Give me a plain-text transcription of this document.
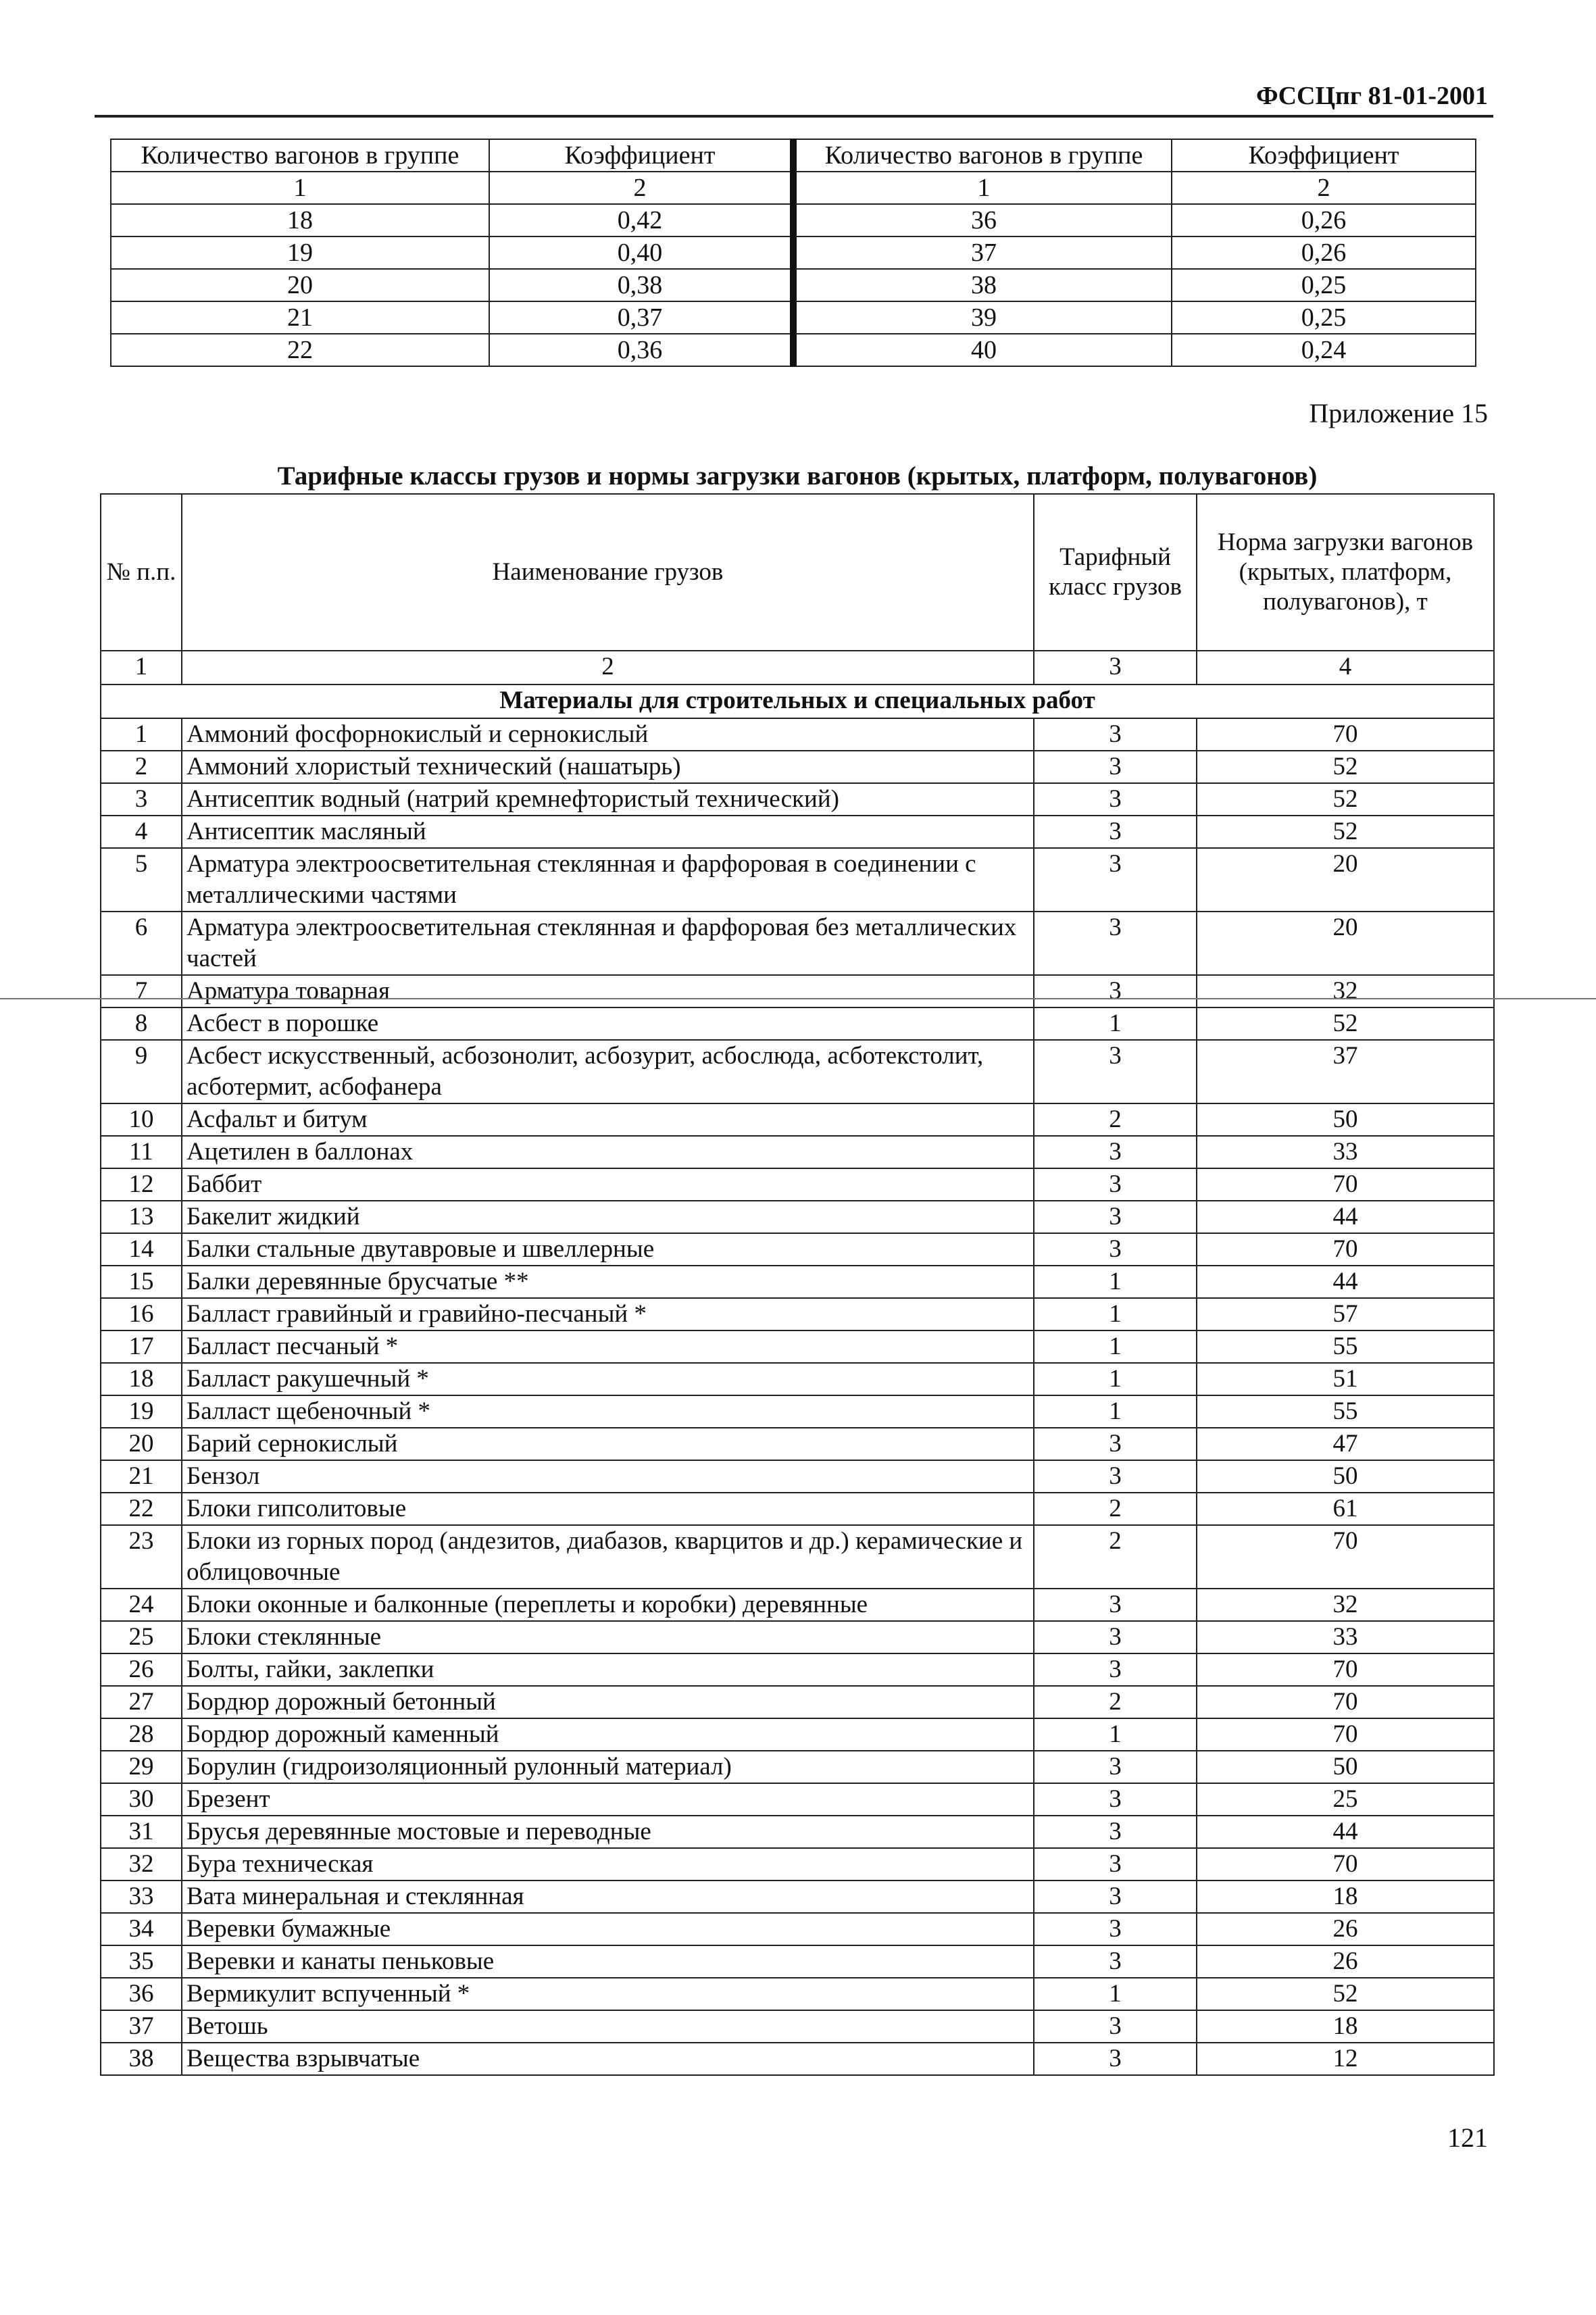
ФССЦпг 81-01-2001
Количество вагонов в группе	Коэффициент	Количество вагонов в группе	Коэффициент
1	2	1	2
18	0,42	36	0,26
19	0,40	37	0,26
20	0,38	38	0,25
21	0,37	39	0,25
22	0,36	40	0,24
Приложение 15
Тарифные классы грузов и нормы загрузки вагонов (крытых, платформ, полувагонов)
№ п.п.	Наименование грузов	Тарифный класс грузов	Норма загрузки вагонов (крытых, платформ, полувагонов), т
1	2	3	4
Материалы для строительных и специальных работ			
1	Аммоний фосфорнокислый и сернокислый	3	70
2	Аммоний хлористый технический (нашатырь)	3	52
3	Антисептик водный (натрий кремнефтористый технический)	3	52
4	Антисептик масляный	3	52
5	Арматура электроосветительная стеклянная и фарфоровая в соединении с металлическими частями	3	20
6	Арматура электроосветительная стеклянная и фарфоровая без металлических частей	3	20
7	Арматура товарная	3	32
8	Асбест в порошке	1	52
9	Асбест искусственный, асбозонолит, асбозурит, асбослюда, асботекстолит, асботермит, асбофанера	3	37
10	Асфальт и битум	2	50
11	Ацетилен в баллонах	3	33
12	Баббит	3	70
13	Бакелит жидкий	3	44
14	Балки стальные двутавровые и швеллерные	3	70
15	Балки деревянные брусчатые **	1	44
16	Балласт гравийный и гравийно-песчаный *	1	57
17	Балласт песчаный *	1	55
18	Балласт ракушечный *	1	51
19	Балласт щебеночный *	1	55
20	Барий сернокислый	3	47
21	Бензол	3	50
22	Блоки гипсолитовые	2	61
23	Блоки из горных пород (андезитов, диабазов, кварцитов и др.) керамические и облицовочные	2	70
24	Блоки оконные и балконные (переплеты и коробки) деревянные	3	32
25	Блоки стеклянные	3	33
26	Болты, гайки, заклепки	3	70
27	Бордюр дорожный бетонный	2	70
28	Бордюр дорожный каменный	1	70
29	Борулин (гидроизоляционный рулонный материал)	3	50
30	Брезент	3	25
31	Брусья деревянные мостовые и переводные	3	44
32	Бура техническая	3	70
33	Вата минеральная и стеклянная	3	18
34	Веревки бумажные	3	26
35	Веревки и канаты пеньковые	3	26
36	Вермикулит вспученный *	1	52
37	Ветошь	3	18
38	Вещества взрывчатые	3	12
121
